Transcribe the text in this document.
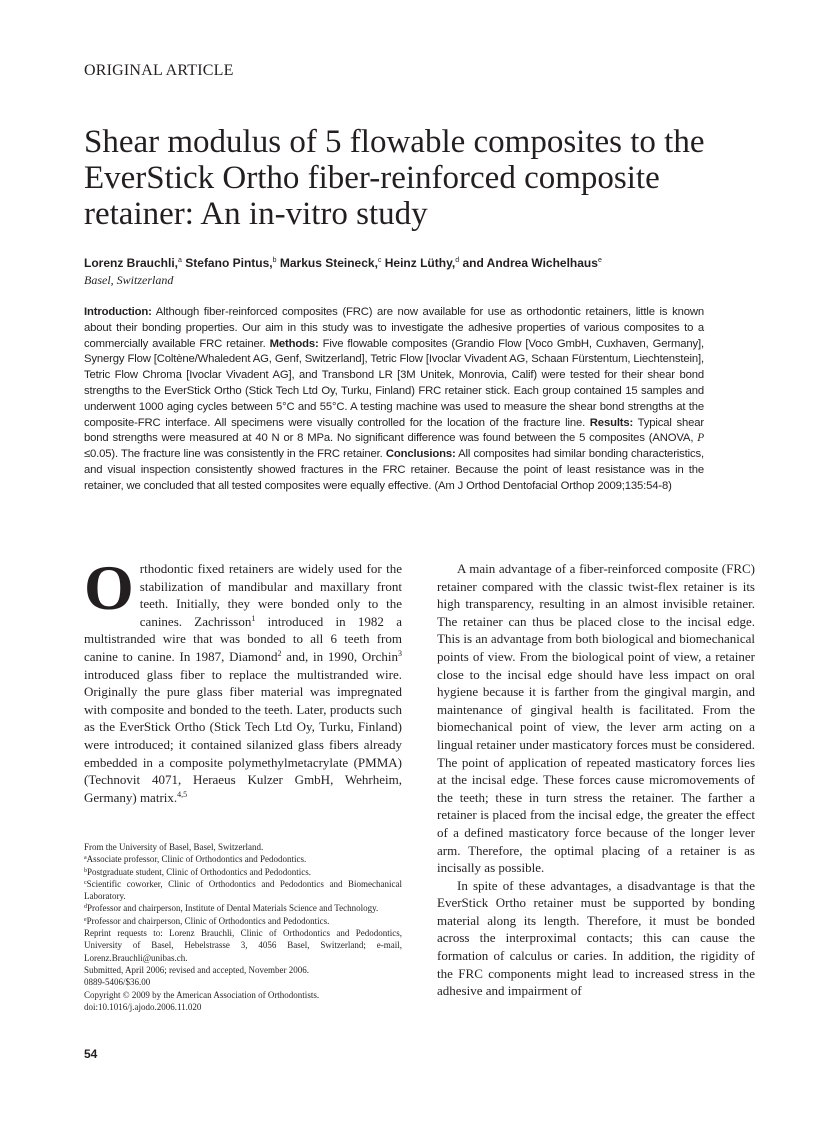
ORIGINAL ARTICLE
Shear modulus of 5 flowable composites to the
EverStick Ortho fiber-reinforced composite
retainer: An in-vitro study
Lorenz Brauchli,$^a$ Stefano Pintus,$^b$ Markus Steineck,$^c$ Heinz Lüthy,$^d$ and Andrea Wichelhaus$^e$
Basel, Switzerland
Introduction: Although fiber-reinforced composites (FRC) are now available for use as orthodontic retainers, little is known about their bonding properties. Our aim in this study was to investigate the adhesive properties of various composites to a commercially available FRC retainer. Methods: Five flowable composites (Grandio Flow [Voco GmbH, Cuxhaven, Germany], Synergy Flow [Coltène/Whaledent AG, Genf, Switzerland], Tetric Flow [Ivoclar Vivadent AG, Schaan Fürstentum, Liechtenstein], Tetric Flow Chroma [Ivoclar Vivadent AG], and Transbond LR [3M Unitek, Monrovia, Calif) were tested for their shear bond strengths to the EverStick Ortho (Stick Tech Ltd Oy, Turku, Finland) FRC retainer stick. Each group contained 15 samples and underwent 1000 aging cycles between 5°C and 55°C. A testing machine was used to measure the shear bond strengths at the composite-FRC interface. All specimens were visually controlled for the location of the fracture line. Results: Typical shear bond strengths were measured at 40 N or 8 MPa. No significant difference was found between the 5 composites (ANOVA, P ≤0.05). The fracture line was consistently in the FRC retainer. Conclusions: All composites had similar bonding characteristics, and visual inspection consistently showed fractures in the FRC retainer. Because the point of least resistance was in the retainer, we concluded that all tested composites were equally effective. (Am J Orthod Dentofacial Orthop 2009;135:54-8)

Orthodontic fixed retainers are widely used for the stabilization of mandibular and maxillary front teeth. Initially, they were bonded only to the canines. Zachrisson$^1$ introduced in 1982 a multistranded wire that was bonded to all 6 teeth from canine to canine. In 1987, Diamond$^2$ and, in 1990, Orchin$^3$ introduced glass fiber to replace the multistranded wire. Originally the pure glass fiber material was impregnated with composite and bonded to the teeth. Later, products such as the EverStick Ortho (Stick Tech Ltd Oy, Turku, Finland) were introduced; it contained silanized glass fibers already embedded in a composite polymethylmetacrylate (PMMA) (Technovit 4071, Heraeus Kulzer GmbH, Wehrheim, Germany) matrix.$^{4,5}$

From the University of Basel, Basel, Switzerland.
$^a$Associate professor, Clinic of Orthodontics and Pedodontics.
$^b$Postgraduate student, Clinic of Orthodontics and Pedodontics.
$^c$Scientific coworker, Clinic of Orthodontics and Pedodontics and Biomechanical Laboratory.
$^d$Professor and chairperson, Institute of Dental Materials Science and Technology.
$^e$Professor and chairperson, Clinic of Orthodontics and Pedodontics.
Reprint requests to: Lorenz Brauchli, Clinic of Orthodontics and Pedodontics, University of Basel, Hebelstrasse 3, 4056 Basel, Switzerland; e-mail, Lorenz.Brauchli@unibas.ch.
Submitted, April 2006; revised and accepted, November 2006.
0889-5406/$36.00
Copyright © 2009 by the American Association of Orthodontists.
doi:10.1016/j.ajodo.2006.11.020
54

A main advantage of a fiber-reinforced composite (FRC) retainer compared with the classic twist-flex retainer is its high transparency, resulting in an almost invisible retainer. The retainer can thus be placed close to the incisal edge. This is an advantage from both biological and biomechanical points of view. From the biological point of view, a retainer close to the incisal edge should have less impact on oral hygiene because it is farther from the gingival margin, and maintenance of gingival health is facilitated. From the biomechanical point of view, the lever arm acting on a lingual retainer under masticatory forces must be considered. The point of application of repeated masticatory forces lies at the incisal edge. These forces cause micromovements of the teeth; these in turn stress the retainer. The farther a retainer is placed from the incisal edge, the greater the effect of a defined masticatory force because of the longer lever arm. Therefore, the optimal placing of a retainer is as incisally as possible.

In spite of these advantages, a disadvantage is that the EverStick Ortho retainer must be supported by bonding material along its length. Therefore, it must be bonded across the interproximal contacts; this can cause the formation of calculus or caries. In addition, the rigidity of the FRC components might lead to increased stress in the adhesive and impairment of
